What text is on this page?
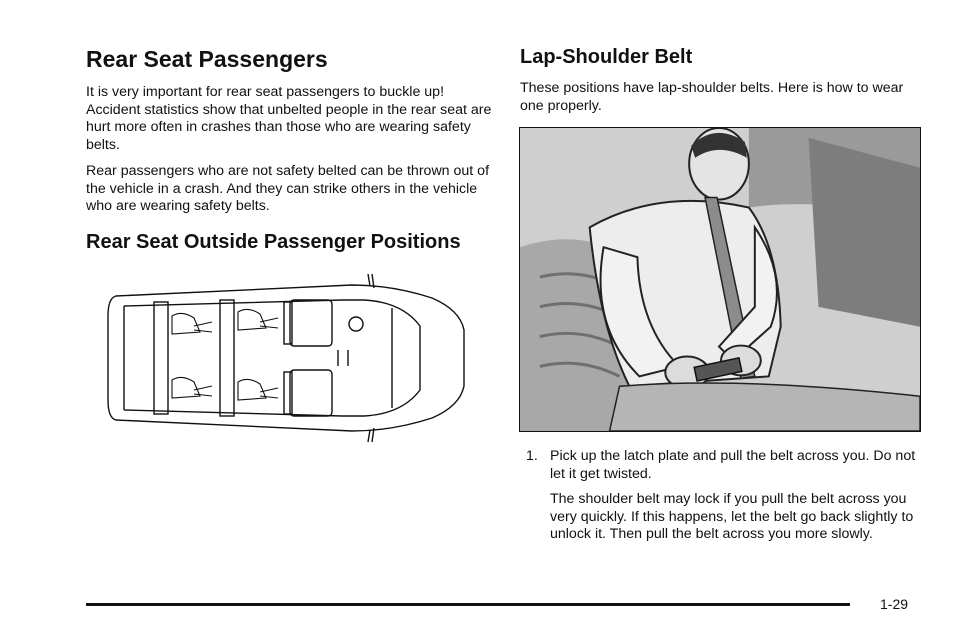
Rear Seat Passengers

It is very important for rear seat passengers to buckle up! Accident statistics show that unbelted people in the rear seat are hurt more often in crashes than those who are wearing safety belts.

Rear passengers who are not safety belted can be thrown out of the vehicle in a crash. And they can strike others in the vehicle who are wearing safety belts.

Rear Seat Outside Passenger Positions
Lap-Shoulder Belt

These positions have lap-shoulder belts. Here is how to wear one properly.

1. Pick up the latch plate and pull the belt across you. Do not let it get twisted.

The shoulder belt may lock if you pull the belt across you very quickly. If this happens, let the belt go back slightly to unlock it. Then pull the belt across you more slowly.

1-29
